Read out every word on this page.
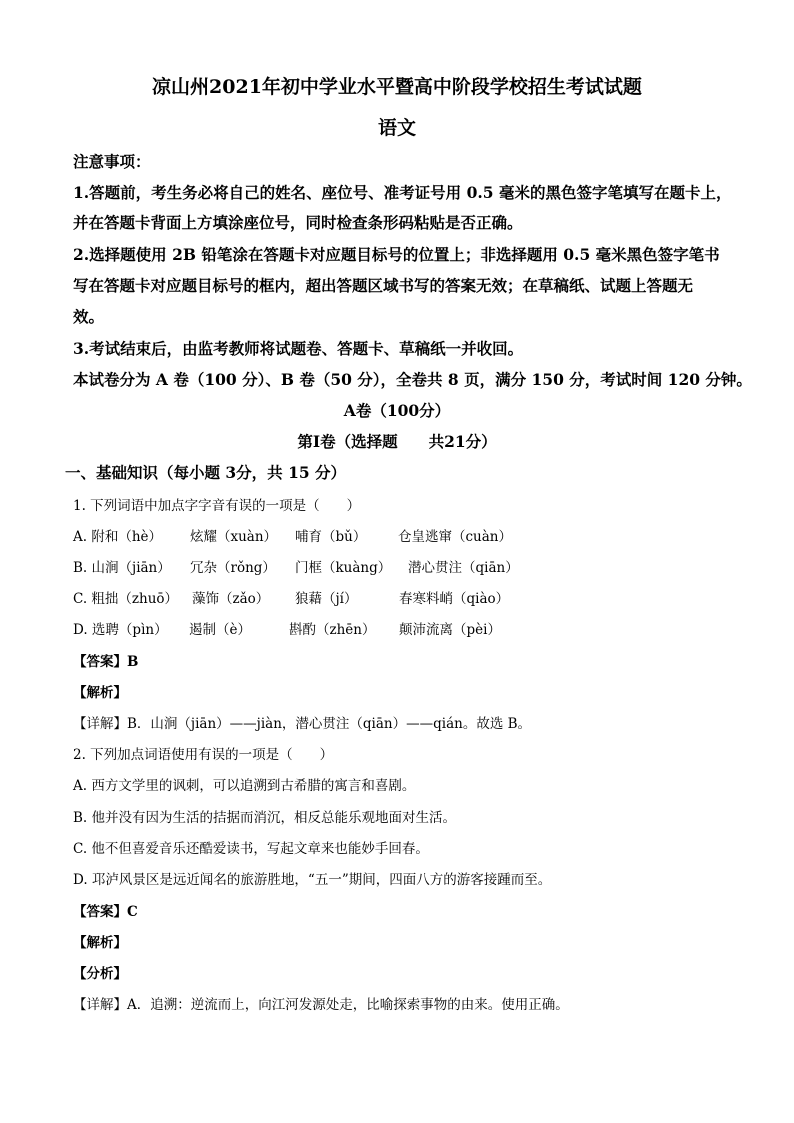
凉山州2021年初中学业水平暨高中阶段学校招生考试试题
语文
注意事项：
1.答题前，考生务必将自己的姓名、座位号、准考证号用 0.5 毫米的黑色签字笔填写在题卡上，
并在答题卡背面上方填涂座位号，同时检查条形码粘贴是否正确。
2.选择题使用 2B 铅笔涂在答题卡对应题目标号的位置上；非选择题用 0.5 毫米黑色签字笔书
写在答题卡对应题目标号的框内，超出答题区域书写的答案无效；在草稿纸、试题上答题无
效。
3.考试结束后，由监考教师将试题卷、答题卡、草稿纸一并收回。
本试卷分为 A 卷（100 分）、B 卷（50 分），全卷共 8 页，满分 150 分，考试时间 120 分钟。
A卷（100分）
第Ⅰ卷（选择题　　共21分）
一、基础知识（每小题 3分，共 15 分）
1. 下列词语中加点字字音有误的一项是（　　）
A. 附和（hè） 炫耀（xuàn） 哺育（bǔ） 仓皇逃窜（cuàn）
B. 山涧（jiān） 冗杂（rǒng） 门框（kuàng） 潜心贯注（qiān）
C. 粗拙（zhuō） 藻饰（zǎo） 狼藉（jí）	春寒料峭（qiào）
D. 选聘（pìn） 遏制（è）	斟酌（zhēn） 颠沛流离（pèi）
【答案】B
【解析】
【详解】B．山涧（jiān）——jiàn，潜心贯注（qiān）——qián。故选 B。
2. 下列加点词语使用有误的一项是（　　）
A. 西方文学里的讽刺，可以追溯到古希腊的寓言和喜剧。
B. 他并没有因为生活的拮据而消沉，相反总能乐观地面对生活。
C. 他不但喜爱音乐还酷爱读书，写起文章来也能妙手回春。
D. 邛泸风景区是远近闻名的旅游胜地，“五一”期间，四面八方的游客接踵而至。
【答案】C
【解析】
【分析】
【详解】A．追溯：逆流而上，向江河发源处走，比喻探索事物的由来。使用正确。
